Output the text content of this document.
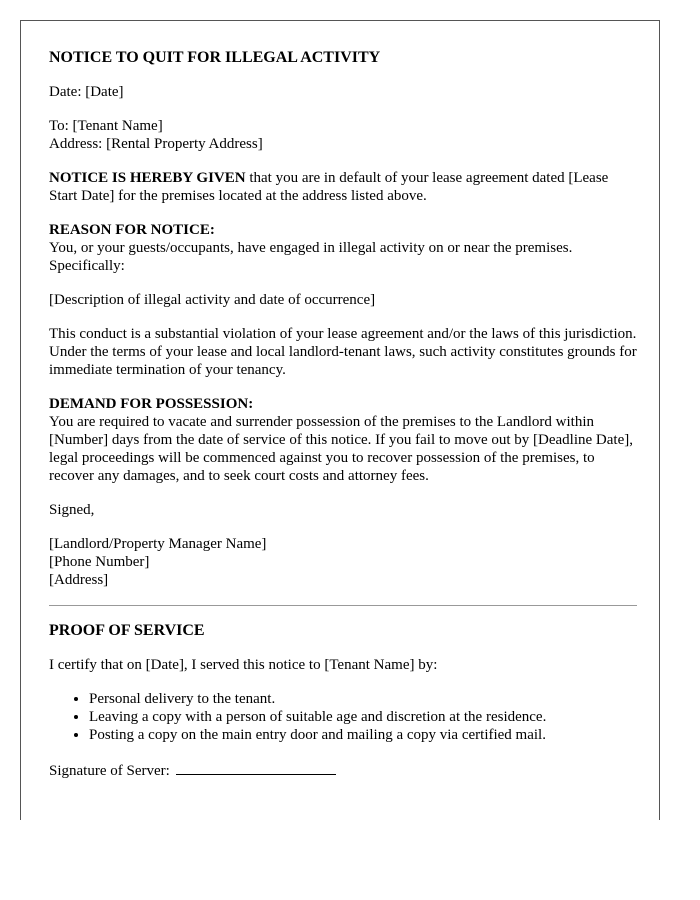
NOTICE TO QUIT FOR ILLEGAL ACTIVITY

Date: [Date]

To: [Tenant Name]
Address: [Rental Property Address]

NOTICE IS HEREBY GIVEN that you are in default of your lease agreement dated [Lease Start Date] for the premises located at the address listed above.

REASON FOR NOTICE:
You, or your guests/occupants, have engaged in illegal activity on or near the premises. Specifically:

[Description of illegal activity and date of occurrence]

This conduct is a substantial violation of your lease agreement and/or the laws of this jurisdiction. Under the terms of your lease and local landlord-tenant laws, such activity constitutes grounds for immediate termination of your tenancy.

DEMAND FOR POSSESSION:
You are required to vacate and surrender possession of the premises to the Landlord within [Number] days from the date of service of this notice. If you fail to move out by [Deadline Date], legal proceedings will be commenced against you to recover possession of the premises, to recover any damages, and to seek court costs and attorney fees.

Signed,

[Landlord/Property Manager Name]
[Phone Number]
[Address]

PROOF OF SERVICE

I certify that on [Date], I served this notice to [Tenant Name] by:

• Personal delivery to the tenant.
• Leaving a copy with a person of suitable age and discretion at the residence.
• Posting a copy on the main entry door and mailing a copy via certified mail.

Signature of Server:
